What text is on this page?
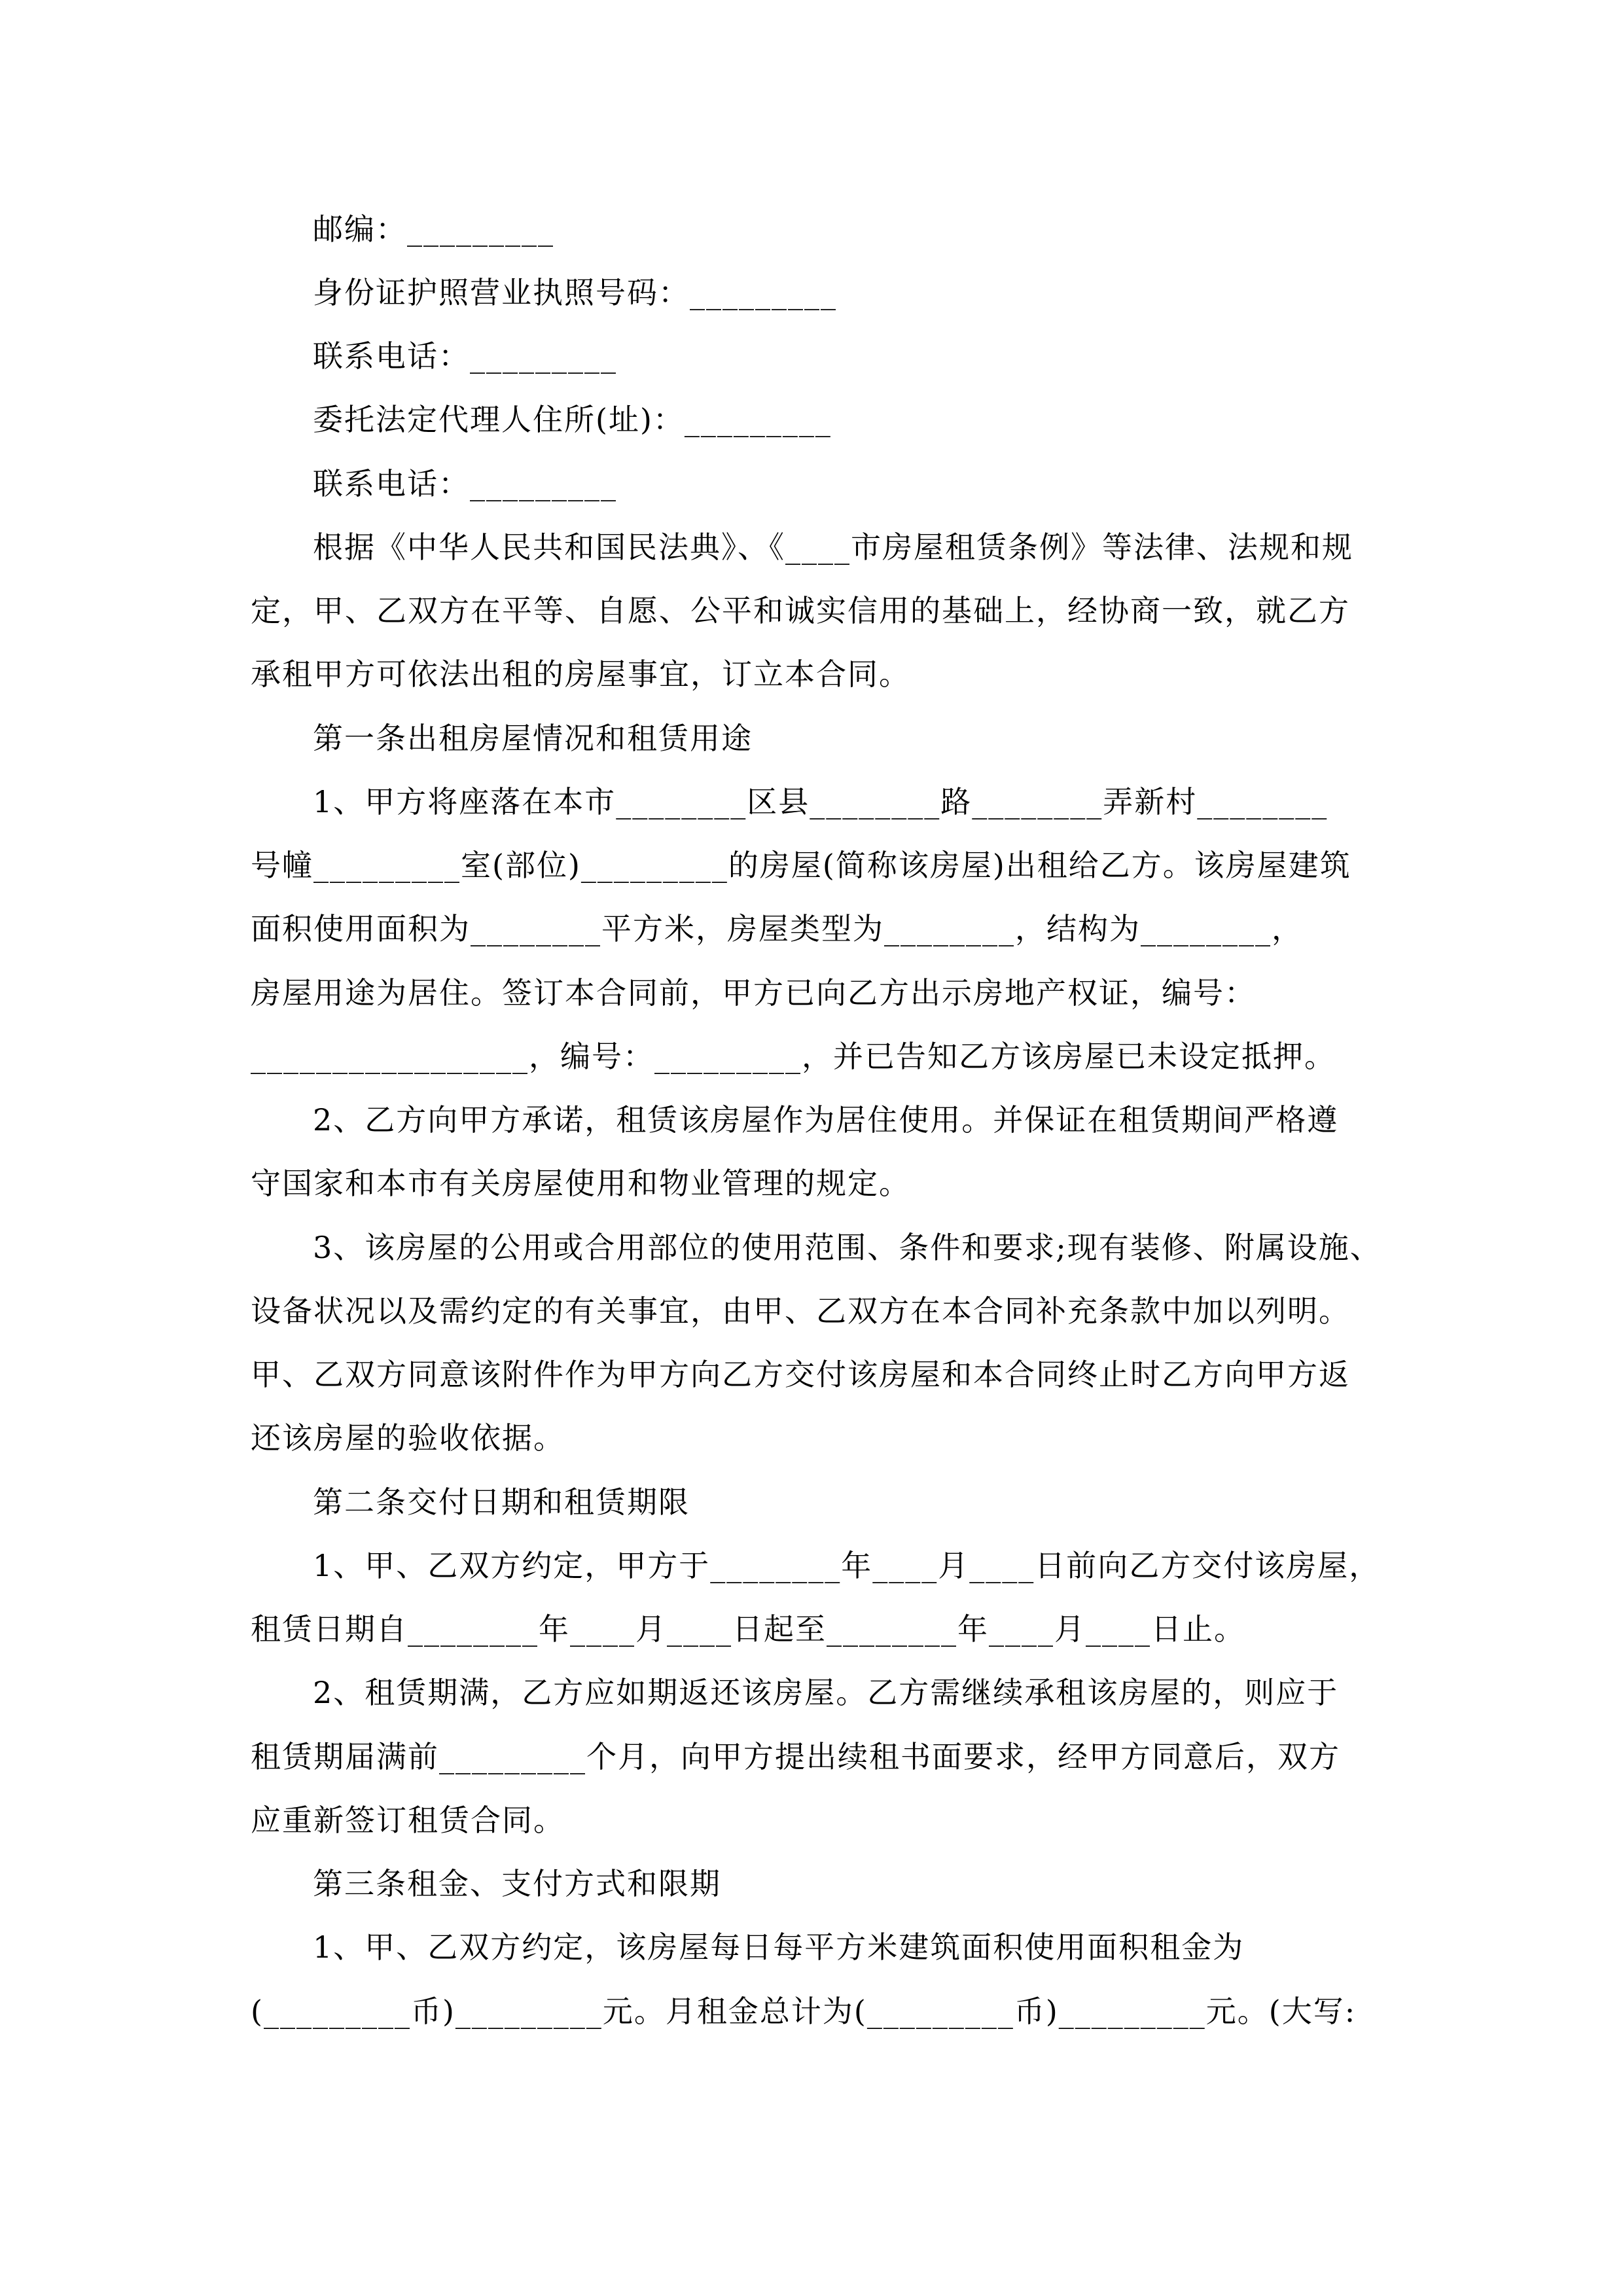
邮编：_________
身份证护照营业执照号码：_________
联系电话：_________
委托法定代理人住所(址)：_________
联系电话：_________
根据《中华人民共和国民法典》、《____市房屋租赁条例》等法律、法规和规
定，甲、乙双方在平等、自愿、公平和诚实信用的基础上，经协商一致，就乙方
承租甲方可依法出租的房屋事宜，订立本合同。
第一条出租房屋情况和租赁用途
1、甲方将座落在本市________区县________路________弄新村________
号幢_________室(部位)_________的房屋(简称该房屋)出租给乙方。该房屋建筑
面积使用面积为________平方米，房屋类型为________，结构为________，
房屋用途为居住。签订本合同前，甲方已向乙方出示房地产权证，编号：
_________________，编号：_________，并已告知乙方该房屋已未设定抵押。
2、乙方向甲方承诺，租赁该房屋作为居住使用。并保证在租赁期间严格遵
守国家和本市有关房屋使用和物业管理的规定。
3、该房屋的公用或合用部位的使用范围、条件和要求;现有装修、附属设施、
设备状况以及需约定的有关事宜，由甲、乙双方在本合同补充条款中加以列明。
甲、乙双方同意该附件作为甲方向乙方交付该房屋和本合同终止时乙方向甲方返
还该房屋的验收依据。
第二条交付日期和租赁期限
1、甲、乙双方约定，甲方于________年____月____日前向乙方交付该房屋，
租赁日期自________年____月____日起至________年____月____日止。
2、租赁期满，乙方应如期返还该房屋。乙方需继续承租该房屋的，则应于
租赁期届满前_________个月，向甲方提出续租书面要求，经甲方同意后，双方
应重新签订租赁合同。
第三条租金、支付方式和限期
1、甲、乙双方约定，该房屋每日每平方米建筑面积使用面积租金为
(_________币)_________元。月租金总计为(_________币)_________元。(大写:
